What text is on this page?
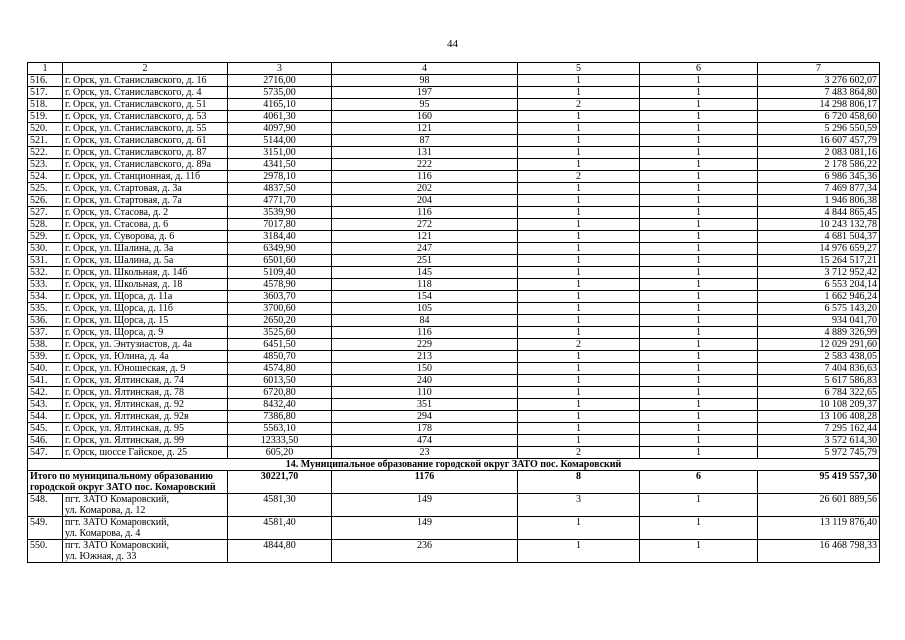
44
1	2	3	4	5	6	7
516.	г. Орск, ул. Станиславского, д. 16	2716,00	98	1	1	3 276 602,07
517.	г. Орск, ул. Станиславского, д. 4	5735,00	197	1	1	7 483 864,80
518.	г. Орск, ул. Станиславского, д. 51	4165,10	95	2	1	14 298 806,17
519.	г. Орск, ул. Станиславского, д. 53	4061,30	160	1	1	6 720 458,60
520.	г. Орск, ул. Станиславского, д. 55	4097,90	121	1	1	5 296 550,59
521.	г. Орск, ул. Станиславского, д. 61	5144,00	87	1	1	16 607 457,79
522.	г. Орск, ул. Станиславского, д. 87	3151,00	131	1	1	2 083 081,16
523.	г. Орск, ул. Станиславского, д. 89а	4341,50	222	1	1	2 178 586,22
524.	г. Орск, ул. Станционная, д. 11б	2978,10	116	2	1	6 986 345,36
525.	г. Орск, ул. Стартовая, д. 3а	4837,50	202	1	1	7 469 877,34
526.	г. Орск, ул. Стартовая, д. 7а	4771,70	204	1	1	1 946 806,38
527.	г. Орск, ул. Стасова, д. 2	3539,90	116	1	1	4 844 865,45
528.	г. Орск, ул. Стасова, д. 6	7017,80	272	1	1	10 243 132,78
529.	г. Орск, ул. Суворова, д. 6	3184,40	121	1	1	4 681 504,37
530.	г. Орск, ул. Шалина, д. 3а	6349,90	247	1	1	14 976 659,27
531.	г. Орск, ул. Шалина, д. 5а	6501,60	251	1	1	15 264 517,21
532.	г. Орск, ул. Школьная, д. 14б	5109,40	145	1	1	3 712 952,42
533.	г. Орск, ул. Школьная, д. 18	4578,90	118	1	1	6 553 204,14
534.	г. Орск, ул. Щорса, д. 11а	3603,70	154	1	1	1 662 946,24
535.	г. Орск, ул. Щорса, д. 11б	3700,60	105	1	1	6 575 143,20
536.	г. Орск, ул. Щорса, д. 15	2650,20	84	1	1	934 041,70
537.	г. Орск, ул. Щорса, д. 9	3525,60	116	1	1	4 889 326,99
538.	г. Орск, ул. Энтузиастов, д. 4а	6451,50	229	2	1	12 029 291,60
539.	г. Орск, ул. Юлина, д. 4а	4850,70	213	1	1	2 583 438,05
540.	г. Орск, ул. Юношеская, д. 9	4574,80	150	1	1	7 404 836,63
541.	г. Орск, ул. Ялтинская, д. 74	6013,50	240	1	1	5 617 586,83
542.	г. Орск, ул. Ялтинская, д. 78	6720,80	110	1	1	6 784 322,65
543.	г. Орск, ул. Ялтинская, д. 92	8432,40	351	1	1	10 108 209,37
544.	г. Орск, ул. Ялтинская, д. 92в	7386,80	294	1	1	13 106 408,28
545.	г. Орск, ул. Ялтинская, д. 95	5563,10	178	1	1	7 295 162,44
546.	г. Орск, ул. Ялтинская, д. 99	12333,50	474	1	1	3 572 614,30
547.	г. Орск, шоссе Гайское, д. 25	605,20	23	2	1	5 972 745,79
14. Муниципальное образование городской округ ЗАТО пос. Комаровский						

Итого по муниципальному образованию
городской округ ЗАТО пос. Комаровский		30221,70	1176	8	6	95 419 557,30
548.	пгт. ЗАТО Комаровский,
ул. Комарова, д. 12	4581,30	149	3	1	26 601 889,56
549.	пгт. ЗАТО Комаровский,
ул. Комарова, д. 4	4581,40	149	1	1	13 119 876,40
550.	пгт. ЗАТО Комаровский,
ул. Южная, д. 33	4844,80	236	1	1	16 468 798,33
